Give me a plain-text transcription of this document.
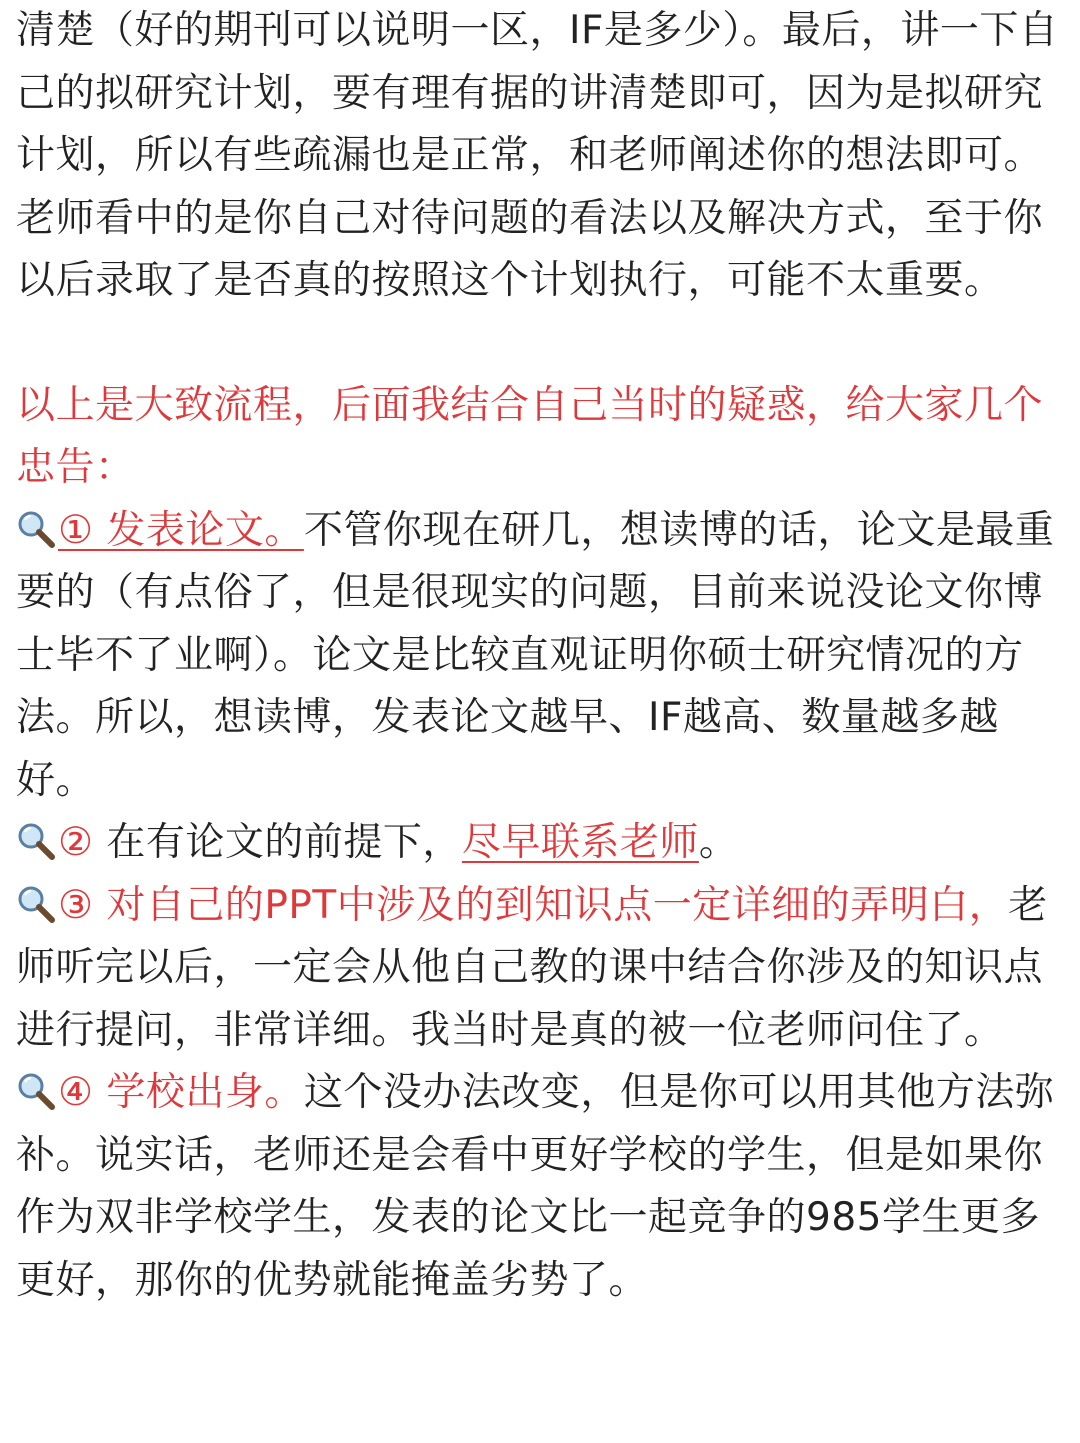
清楚（好的期刊可以说明一区，IF是多少）。最后，讲一下自己的拟研究计划，要有理有据的讲清楚即可，因为是拟研究计划，所以有些疏漏也是正常，和老师阐述你的想法即可。老师看中的是你自己对待问题的看法以及解决方式，至于你以后录取了是否真的按照这个计划执行，可能不太重要。

以上是大致流程，后面我结合自己当时的疑惑，给大家几个忠告：

① 发表论文。不管你现在研几，想读博的话，论文是最重要的（有点俗了，但是很现实的问题，目前来说没论文你博士毕不了业啊）。论文是比较直观证明你硕士研究情况的方法。所以，想读博，发表论文越早、IF越高、数量越多越好。

② 在有论文的前提下，尽早联系老师。

③ 对自己的PPT中涉及的到知识点一定详细的弄明白，老师听完以后，一定会从他自己教的课中结合你涉及的知识点进行提问，非常详细。我当时是真的被一位老师问住了。

④ 学校出身。这个没办法改变，但是你可以用其他方法弥补。说实话，老师还是会看中更好学校的学生，但是如果你作为双非学校学生，发表的论文比一起竞争的985学生更多更好，那你的优势就能掩盖劣势了。
